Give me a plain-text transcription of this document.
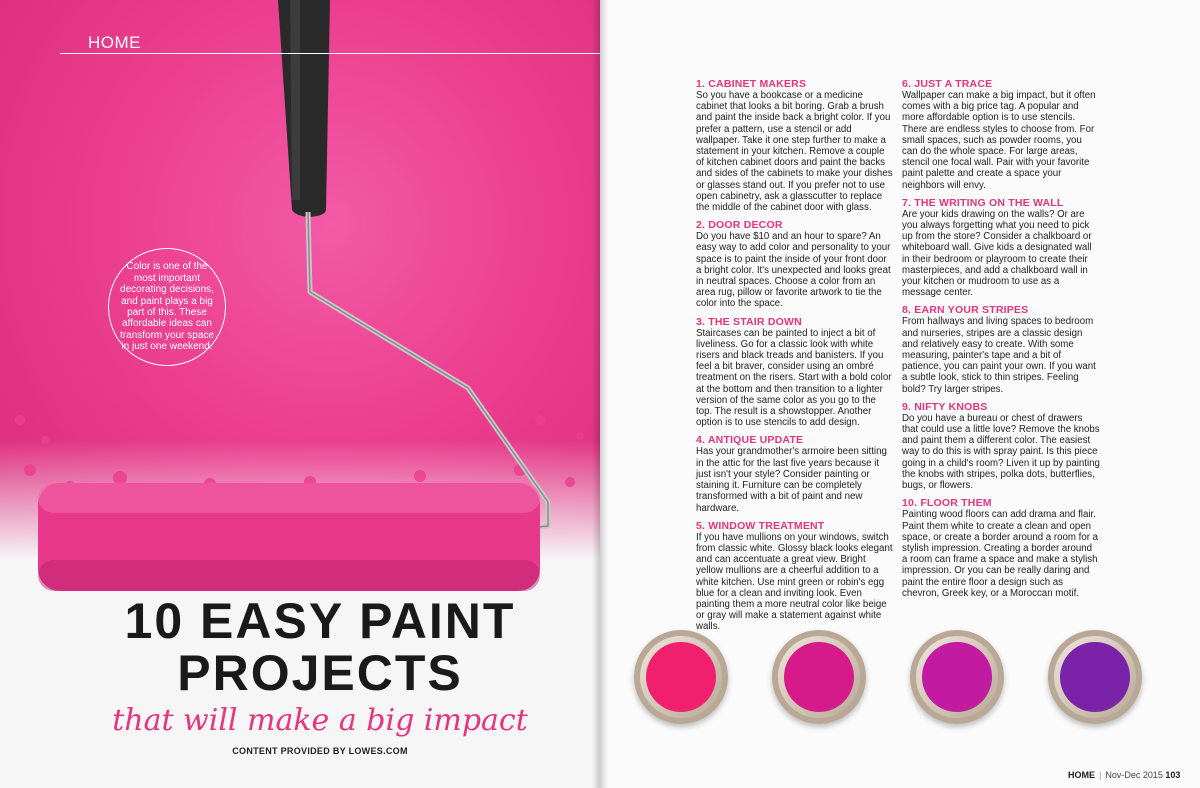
HOME
Color is one of the most important decorating decisions, and paint plays a big part of this. These affordable ideas can transform your space in just one weekend.
10 EASY PAINT
PROJECTS
that will make a big impact
CONTENT PROVIDED BY LOWES.COM
1. CABINET MAKERS

So you have a bookcase or a medicine cabinet that looks a bit boring. Grab a brush and paint the inside back a bright color. If you prefer a pattern, use a stencil or add wallpaper. Take it one step further to make a statement in your kitchen. Remove a couple of kitchen cabinet doors and paint the backs and sides of the cabinets to make your dishes or glasses stand out. If you prefer not to use open cabinetry, ask a glasscutter to replace the middle of the cabinet door with glass.

2. DOOR DECOR

Do you have $10 and an hour to spare? An easy way to add color and personality to your space is to paint the inside of your front door a bright color. It's unexpected and looks great in neutral spaces. Choose a color from an area rug, pillow or favorite artwork to tie the color into the space.

3. THE STAIR DOWN

Staircases can be painted to inject a bit of liveliness. Go for a classic look with white risers and black treads and banisters. If you feel a bit braver, consider using an ombré treatment on the risers. Start with a bold color at the bottom and then transition to a lighter version of the same color as you go to the top. The result is a showstopper. Another option is to use stencils to add design.

4. ANTIQUE UPDATE

Has your grandmother's armoire been sitting in the attic for the last five years because it just isn't your style? Consider painting or staining it. Furniture can be completely transformed with a bit of paint and new hardware.

5. WINDOW TREATMENT

If you have mullions on your windows, switch from classic white. Glossy black looks elegant and can accentuate a great view. Bright yellow mullions are a cheerful addition to a white kitchen. Use mint green or robin's egg blue for a clean and inviting look. Even painting them a more neutral color like beige or gray will make a statement against white walls.

6. JUST A TRACE

Wallpaper can make a big impact, but it often comes with a big price tag. A popular and more affordable option is to use stencils. There are endless styles to choose from. For small spaces, such as powder rooms, you can do the whole space. For large areas, stencil one focal wall. Pair with your favorite paint palette and create a space your neighbors will envy.

7. THE WRITING ON THE WALL

Are your kids drawing on the walls? Or are you always forgetting what you need to pick up from the store? Consider a chalkboard or whiteboard wall. Give kids a designated wall in their bedroom or playroom to create their masterpieces, and add a chalkboard wall in your kitchen or mudroom to use as a message center.

8. EARN YOUR STRIPES

From hallways and living spaces to bedroom and nurseries, stripes are a classic design and relatively easy to create. With some measuring, painter's tape and a bit of patience, you can paint your own. If you want a subtle look, stick to thin stripes. Feeling bold? Try larger stripes.

9. NIFTY KNOBS

Do you have a bureau or chest of drawers that could use a little love? Remove the knobs and paint them a different color. The easiest way to do this is with spray paint. Is this piece going in a child's room? Liven it up by painting the knobs with stripes, polka dots, butterflies, bugs, or flowers.

10. FLOOR THEM

Painting wood floors can add drama and flair. Paint them white to create a clean and open space, or create a border around a room for a stylish impression. Creating a border around a room can frame a space and make a stylish impression. Or you can be really daring and paint the entire floor a design such as chevron, Greek key, or a Moroccan motif.

HOME | Nov-Dec 2015 103
